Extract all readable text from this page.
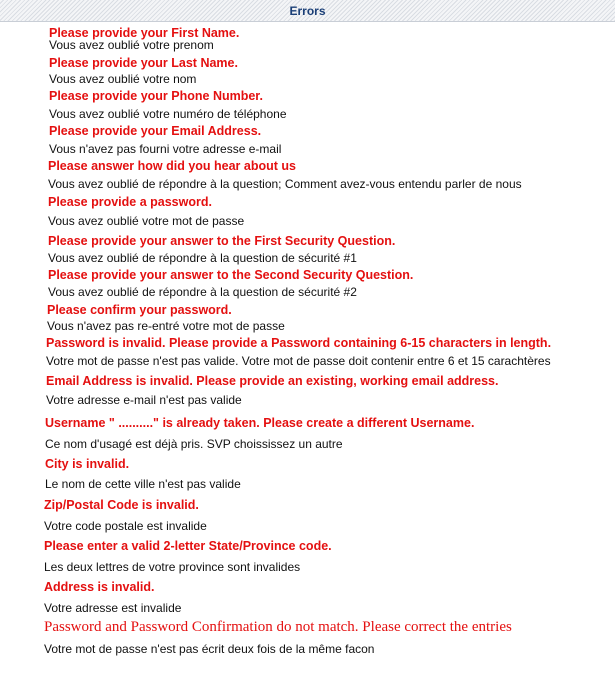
Errors
Please provide your First Name.
Vous avez oublié votre prenom
Please provide your Last Name.
Vous avez oublié votre nom
Please provide your Phone Number.
Vous avez oublié votre numéro de téléphone
Please provide your Email Address.
Vous n'avez pas fourni votre adresse e-mail
Please answer how did you hear about us
Vous avez oublié de répondre à la question; Comment avez-vous entendu parler de nous
Please provide a password.
Vous avez oublié votre mot de passe
Please provide your answer to the First Security Question.
Vous avez oublié de répondre à la question de sécurité #1
Please provide your answer to the Second Security Question.
Vous avez oublié de répondre à la question de sécurité #2
Please confirm your password.
Vous n'avez pas re-entré votre mot de passe
Password is invalid. Please provide a Password containing 6-15 characters in length.
Votre mot de passe n'est pas valide. Votre mot de passe doit contenir entre 6 et 15 carachtères
Email Address is invalid. Please provide an existing, working email address.
Votre adresse e-mail n'est pas valide
Username " .........." is already taken. Please create a different Username.
Ce nom d'usagé est déjà pris. SVP choississez un autre
City is invalid.
Le nom de cette ville n'est pas valide
Zip/Postal Code is invalid.
Votre code postale est invalide
Please enter a valid 2-letter State/Province code.
Les deux lettres de votre province sont invalides
Address is invalid.
Votre adresse est invalide
Password and Password Confirmation do not match. Please correct the entries
Votre mot de passe n'est pas écrit deux fois de la même facon
